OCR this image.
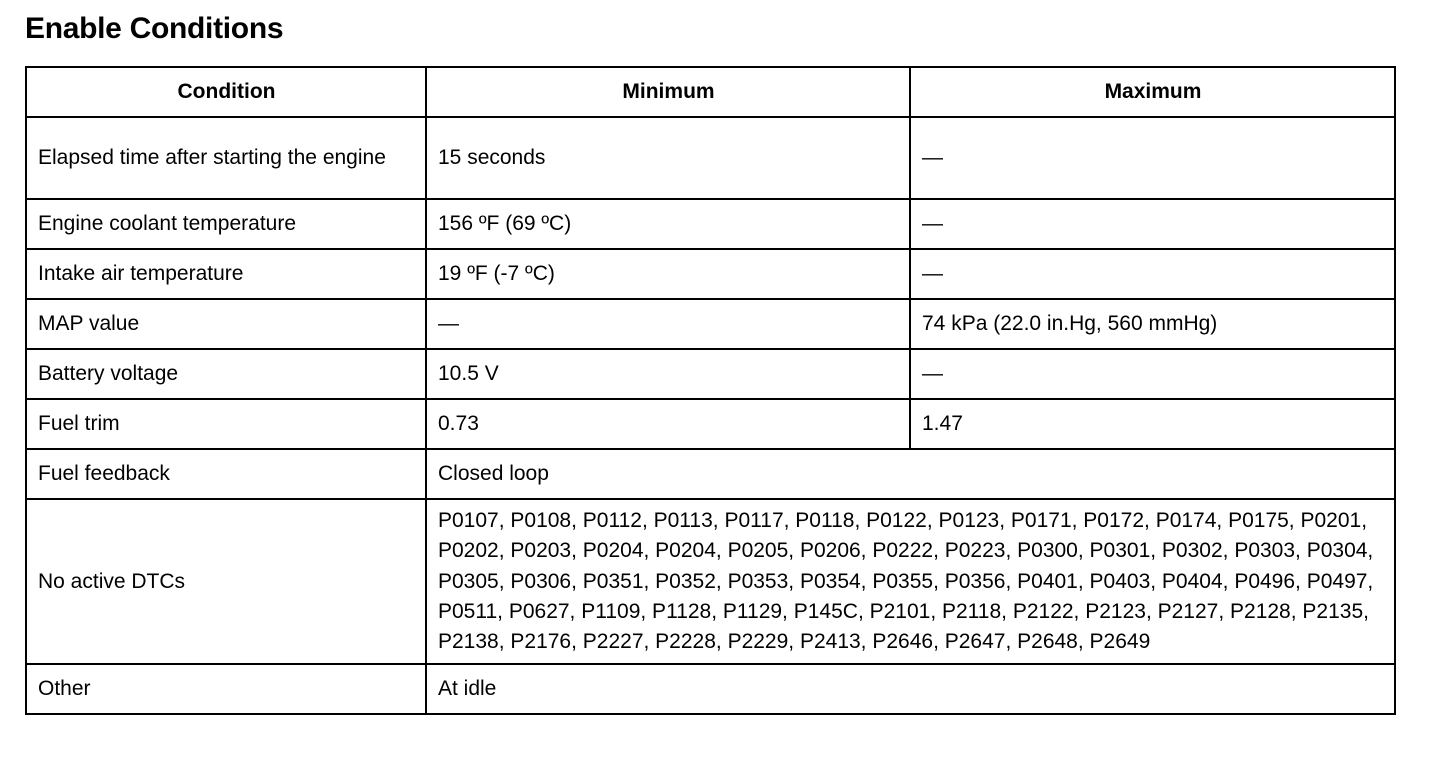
Enable Conditions
Condition	Minimum	Maximum
Elapsed time after starting the engine	15 seconds	—
Engine coolant temperature	156 ºF (69 ºC)	—
Intake air temperature	19 ºF (-7 ºC)	—
MAP value	—	74 kPa (22.0 in.Hg, 560 mmHg)
Battery voltage	10.5 V	—
Fuel trim	0.73	1.47
Fuel feedback	Closed loop	
No active DTCs	P0107, P0108, P0112, P0113, P0117, P0118, P0122, P0123, P0171, P0172, P0174, P0175, P0201, P0202, P0203, P0204, P0204, P0205, P0206, P0222, P0223, P0300, P0301, P0302, P0303, P0304, P0305, P0306, P0351, P0352, P0353, P0354, P0355, P0356, P0401, P0403, P0404, P0496, P0497, P0511, P0627, P1109, P1128, P1129, P145C, P2101, P2118, P2122, P2123, P2127, P2128, P2135, P2138, P2176, P2227, P2228, P2229, P2413, P2646, P2647, P2648, P2649	
Other	At idle	
